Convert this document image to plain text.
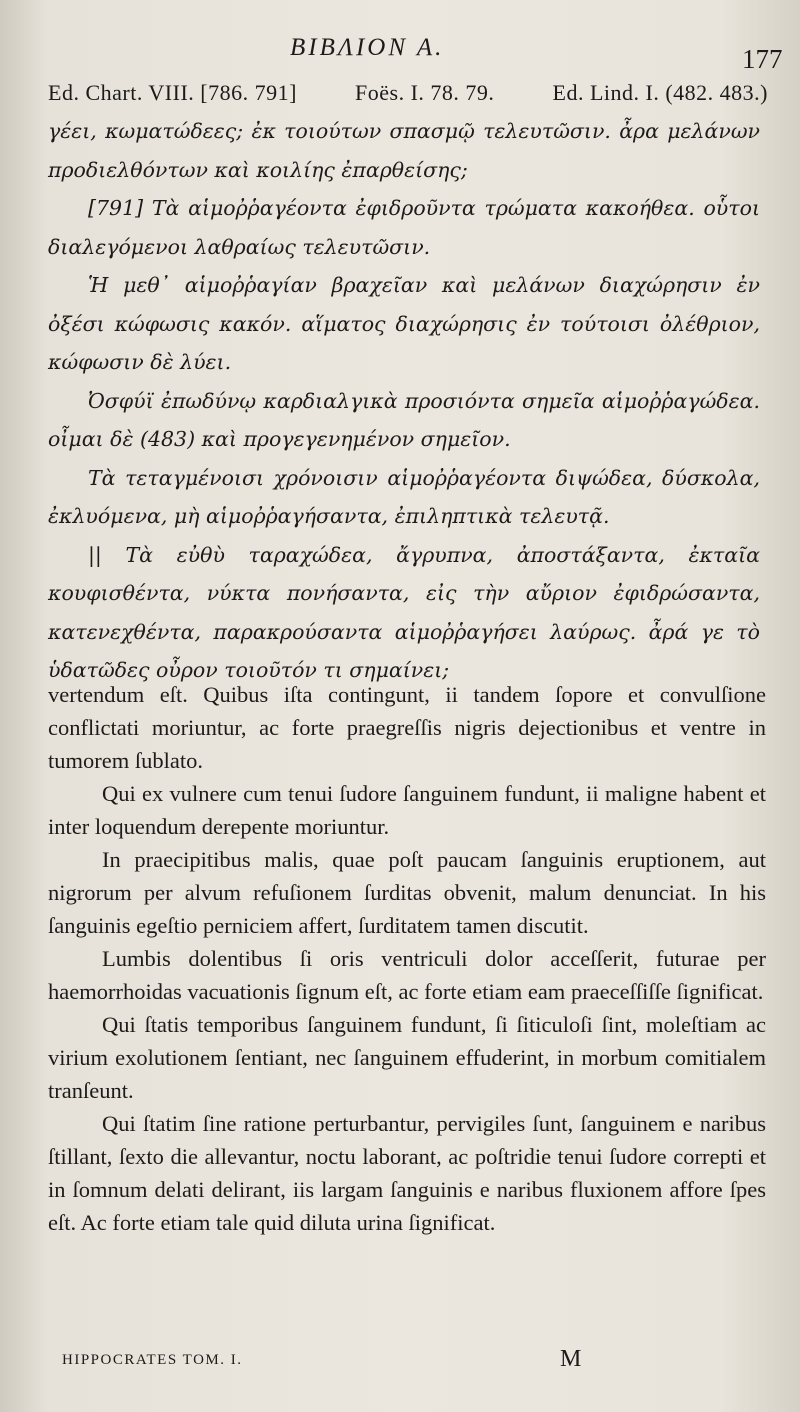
BIBΛΙΟΝ Α.	177
Ed. Chart. VIII. [786. 791]	Foës. I. 78. 79.	Ed. Lind. I. (482. 483.)

γέει, κωματώδεες; ἐκ τοιούτων σπασμῷ τελευτῶσιν. ἆρα μελάνων προδιελθόντων καὶ κοιλίης ἐπαρθείσης;

[791] Τὰ αἱμοῤῥαγέοντα ἐφιδροῦντα τρώματα κακοήθεα. οὗτοι διαλεγόμενοι λαθραίως τελευτῶσιν.

Ἡ μεθ᾽ αἱμοῤῥαγίαν βραχεῖαν καὶ μελάνων διαχώρησιν ἐν ὀξέσι κώφωσις κακόν. αἵματος διαχώρησις ἐν τούτοισι ὀλέθριον, κώφωσιν δὲ λύει.

Ὀσφύϊ ἐπωδύνῳ καρδιαλγικὰ προσιόντα σημεῖα αἱμοῤῥαγώδεα. οἶμαι δὲ (483) καὶ προγεγενημένον σημεῖον.

Τὰ τεταγμένοισι χρόνοισιν αἱμοῤῥαγέοντα διψώδεα, δύσκολα, ἐκλυόμενα, μὴ αἱμοῤῥαγήσαντα, ἐπιληπτικὰ τελευτᾷ.

|| Τὰ εὐθὺ ταραχώδεα, ἄγρυπνα, ἀποστάξαντα, ἐκταῖα κουφισθέντα, νύκτα πονήσαντα, εἰς τὴν αὔριον ἐφιδρώσαντα, κατενεχθέντα, παρακρούσαντα αἱμοῤῥαγήσει λαύρως. ἆρά γε τὸ ὑδατῶδες οὖρον τοιοῦτόν τι σημαίνει;

vertendum eſt. Quibus iſta contingunt, ii tandem ſopore et convulſione conflictati moriuntur, ac forte praegreſſis nigris dejectionibus et ventre in tumorem ſublato.

Qui ex vulnere cum tenui ſudore ſanguinem fundunt, ii maligne habent et inter loquendum derepente moriuntur.

In praecipitibus malis, quae poſt paucam ſanguinis eruptionem, aut nigrorum per alvum refuſionem ſurditas obvenit, malum denunciat. In his ſanguinis egeſtio perniciem affert, ſurditatem tamen discutit.

Lumbis dolentibus ſi oris ventriculi dolor acceſſerit, futurae per haemorrhoidas vacuationis ſignum eſt, ac forte etiam eam praeceſſiſſe ſignificat.

Qui ſtatis temporibus ſanguinem fundunt, ſi ſiticuloſi ſint, moleſtiam ac virium exolutionem ſentiant, nec ſanguinem effuderint, in morbum comitialem tranſeunt.

Qui ſtatim ſine ratione perturbantur, pervigiles ſunt, ſanguinem e naribus ſtillant, ſexto die allevantur, noctu laborant, ac poſtridie tenui ſudore correpti et in ſomnum delati delirant, iis largam ſanguinis e naribus fluxionem affore ſpes eſt. Ac forte etiam tale quid diluta urina ſignificat.

HIPPOCRATES TOM. I.	M
